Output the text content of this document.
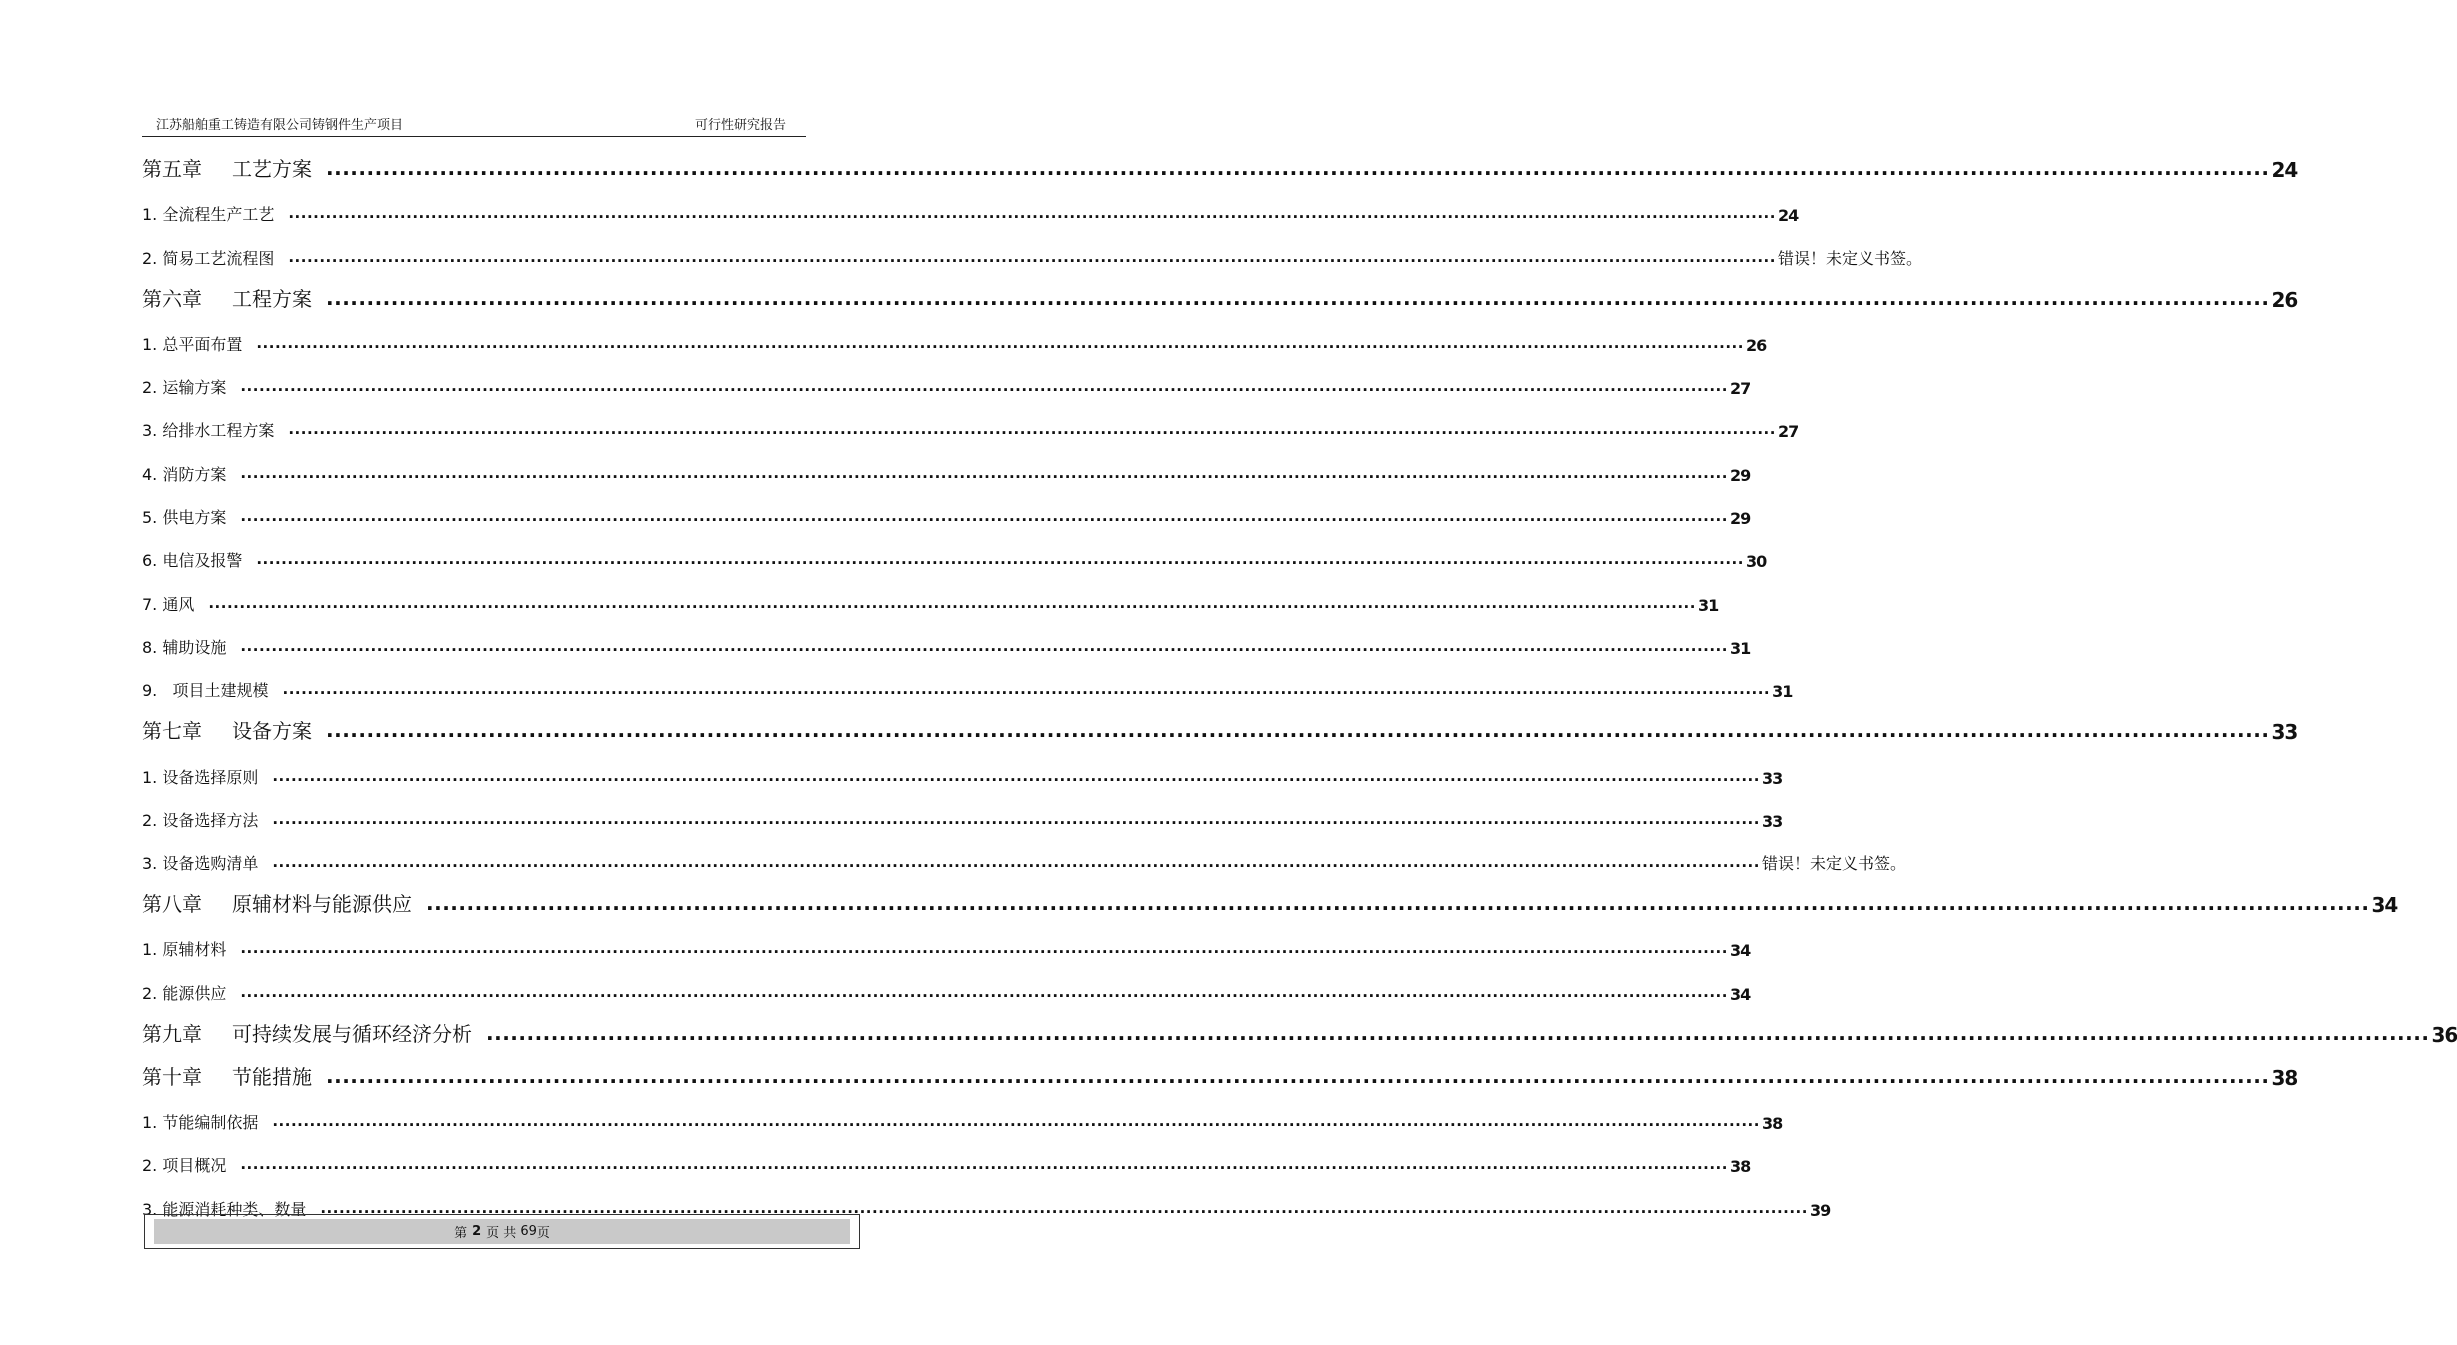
江苏船舶重工铸造有限公司铸钢件生产项目	可行性研究报告
第五章	工艺方案 ................................................................................................................................................................................................................................................ 24
1. 全流程生产工艺 ................................................................................................................................................................................................................................................ 24
2. 简易工艺流程图 ................................................................................................................................................................................................................................................ 错误！未定义书签。
第六章	工程方案 ................................................................................................................................................................................................................................................ 26
1. 总平面布置 ................................................................................................................................................................................................................................................ 26
2. 运输方案 ................................................................................................................................................................................................................................................ 27
3. 给排水工程方案 ................................................................................................................................................................................................................................................ 27
4. 消防方案 ................................................................................................................................................................................................................................................ 29
5. 供电方案 ................................................................................................................................................................................................................................................ 29
6. 电信及报警 ................................................................................................................................................................................................................................................ 30
7. 通风 ................................................................................................................................................................................................................................................ 31
8. 辅助设施 ................................................................................................................................................................................................................................................ 31
9.   项目土建规模 ................................................................................................................................................................................................................................................ 31
第七章	设备方案 ................................................................................................................................................................................................................................................ 33
1. 设备选择原则 ................................................................................................................................................................................................................................................ 33
2. 设备选择方法 ................................................................................................................................................................................................................................................ 33
3. 设备选购清单 ................................................................................................................................................................................................................................................ 错误！未定义书签。
第八章	原辅材料与能源供应 ................................................................................................................................................................................................................................................ 34
1. 原辅材料 ................................................................................................................................................................................................................................................ 34
2. 能源供应 ................................................................................................................................................................................................................................................ 34
第九章	可持续发展与循环经济分析 ................................................................................................................................................................................................................................................ 36
第十章	节能措施 ................................................................................................................................................................................................................................................ 38
1. 节能编制依据 ................................................................................................................................................................................................................................................ 38
2. 项目概况 ................................................................................................................................................................................................................................................ 38
3. 能源消耗种类、数量 ................................................................................................................................................................................................................................................ 39
第 2 页 共 69 页
